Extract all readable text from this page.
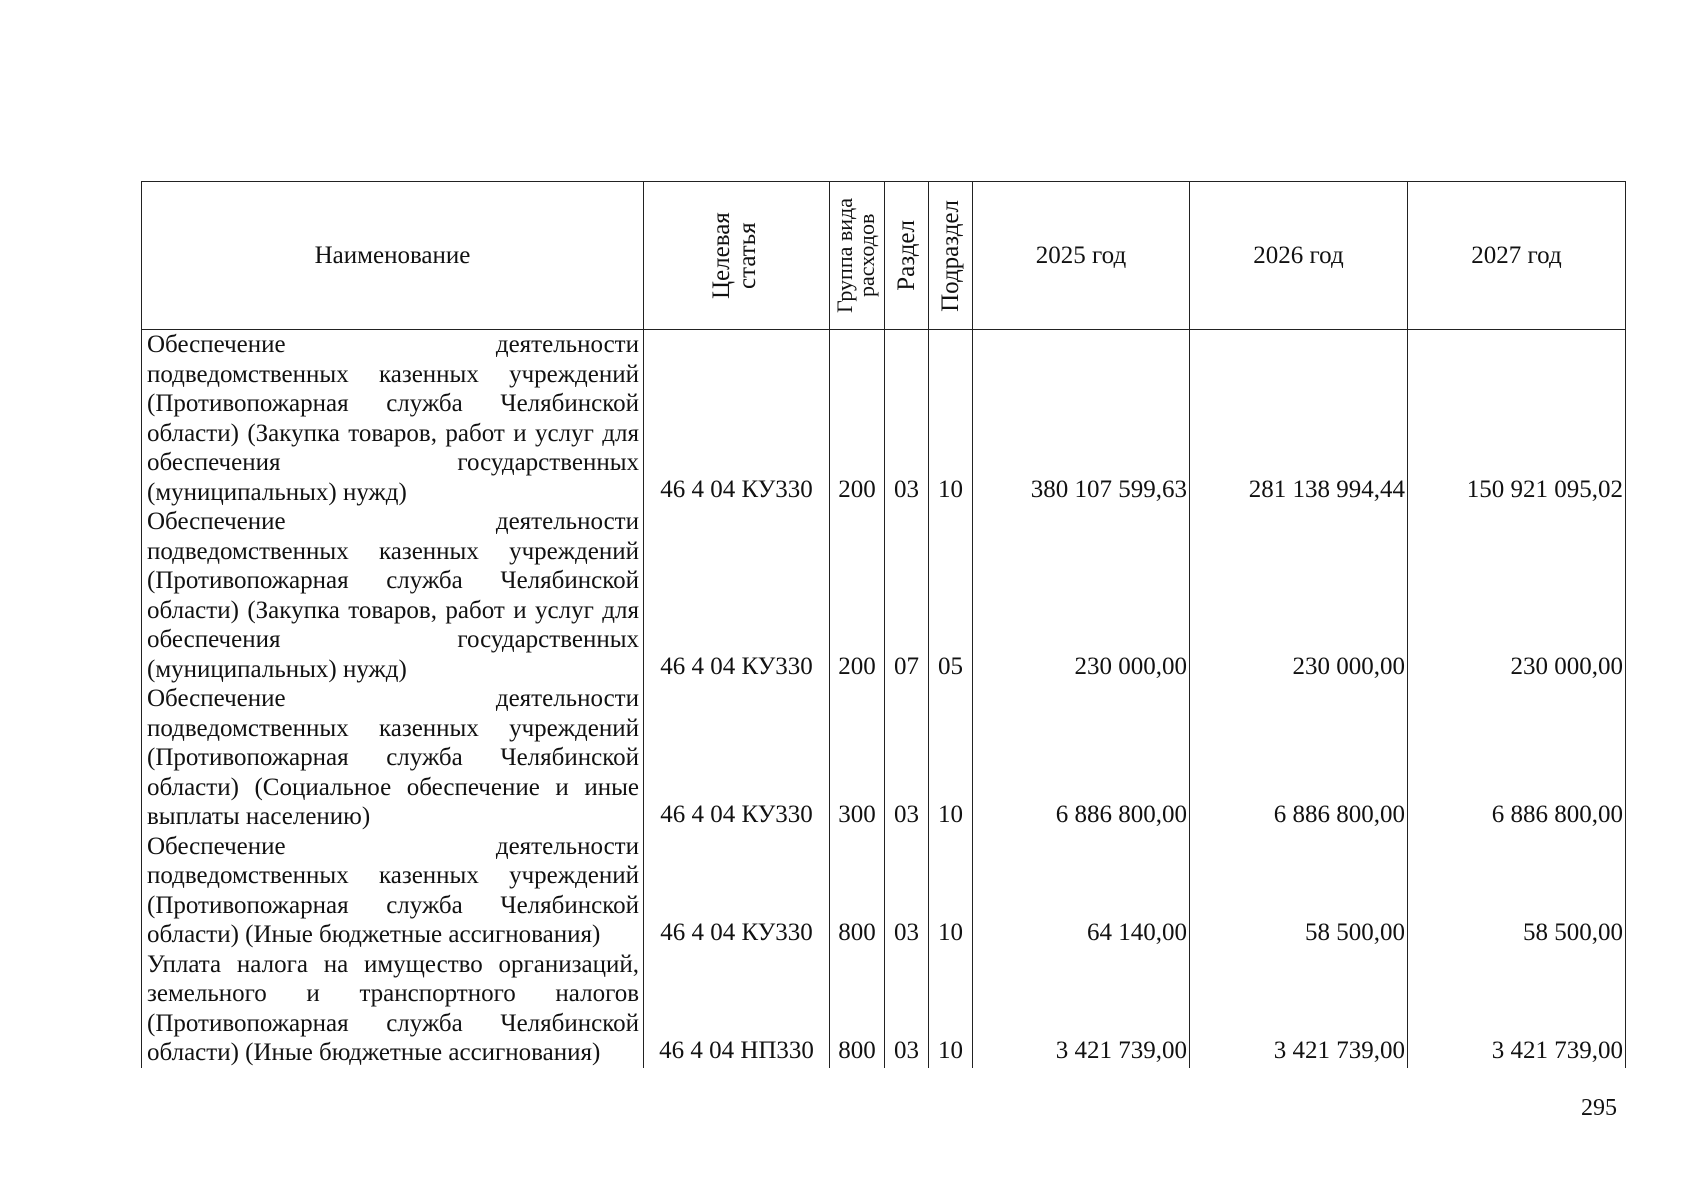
Наименование	Целевая статья	Группа вида расходов	Раздел	Подраздел	2025 год	2026 год	2027 год
Обеспечение деятельности подведомственных казенных учреждений (Противопожарная служба Челябинской области) (Закупка товаров, работ и услуг для обеспечения государственных (муниципальных) нужд)	46 4 04 КУ330	200	03	10	380 107 599,63	281 138 994,44	150 921 095,02
Обеспечение деятельности подведомственных казенных учреждений (Противопожарная служба Челябинской области) (Закупка товаров, работ и услуг для обеспечения государственных (муниципальных) нужд)	46 4 04 КУ330	200	07	05	230 000,00	230 000,00	230 000,00
Обеспечение деятельности подведомственных казенных учреждений (Противопожарная служба Челябинской области) (Социальное обеспечение и иные выплаты населению)	46 4 04 КУ330	300	03	10	6 886 800,00	6 886 800,00	6 886 800,00
Обеспечение деятельности подведомственных казенных учреждений (Противопожарная служба Челябинской области) (Иные бюджетные ассигнования)	46 4 04 КУ330	800	03	10	64 140,00	58 500,00	58 500,00
Уплата налога на имущество организаций, земельного и транспортного налогов (Противопожарная служба Челябинской области) (Иные бюджетные ассигнования)	46 4 04 НП330	800	03	10	3 421 739,00	3 421 739,00	3 421 739,00
295
